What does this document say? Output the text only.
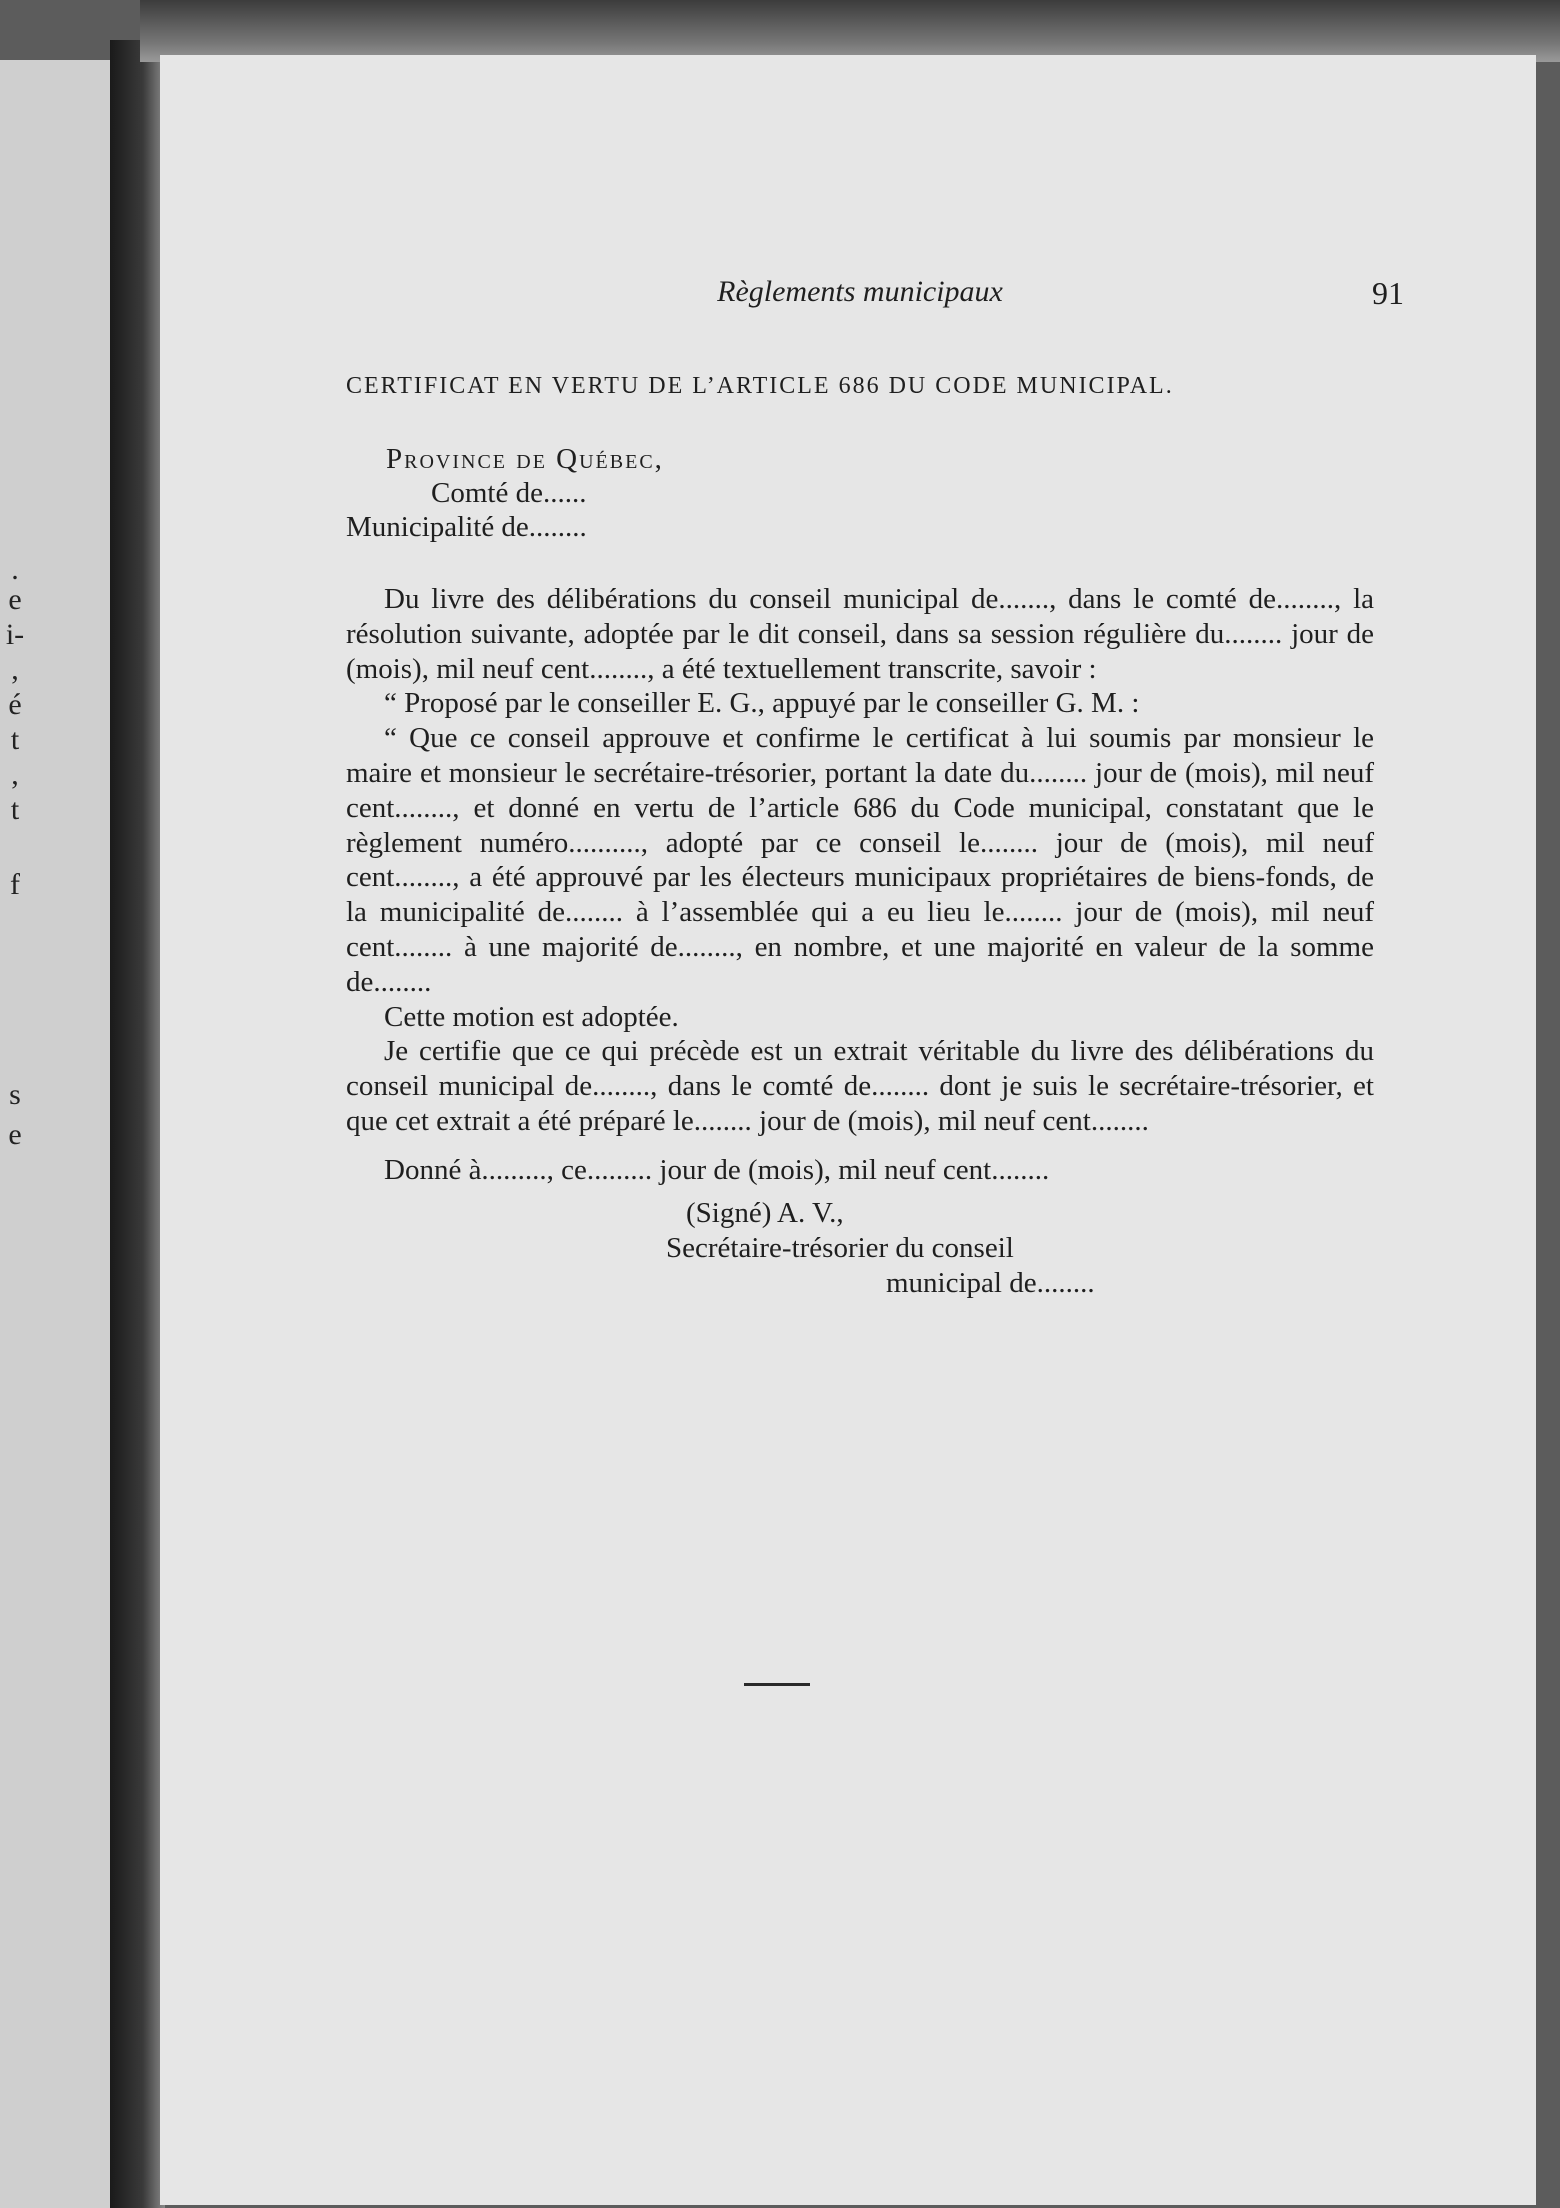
.
e
i-
,
é
t
,
t
f
s
e
Règlements municipaux	91
CERTIFICAT EN VERTU DE L’ARTICLE 686 DU CODE MUNICIPAL.
Province de Québec,
Comté de......
Municipalité de........

Du livre des délibérations du conseil municipal de......., dans le comté de........, la résolution suivante, adoptée par le dit conseil, dans sa session régulière du........ jour de (mois), mil neuf cent........, a été textuellement transcrite, savoir :

“ Proposé par le conseiller E. G., appuyé par le conseiller G. M. :

“ Que ce conseil approuve et confirme le certificat à lui soumis par monsieur le maire et monsieur le secrétaire-trésorier, portant la date du........ jour de (mois), mil neuf cent........, et donné en vertu de l’article 686 du Code municipal, constatant que le règlement numéro.........., adopté par ce conseil le........ jour de (mois), mil neuf cent........, a été approuvé par les électeurs municipaux propriétaires de biens-fonds, de la municipalité de........ à l’assemblée qui a eu lieu le........ jour de (mois), mil neuf cent........ à une majorité de........, en nombre, et une majorité en valeur de la somme de........

Cette motion est adoptée.

Je certifie que ce qui précède est un extrait véritable du livre des délibérations du conseil municipal de........, dans le comté de........ dont je suis le secrétaire-trésorier, et que cet extrait a été préparé le........ jour de (mois), mil neuf cent........

Donné à........., ce......... jour de (mois), mil neuf cent........

(Signé) A. V.,
Secrétaire-trésorier du conseil
municipal de........
